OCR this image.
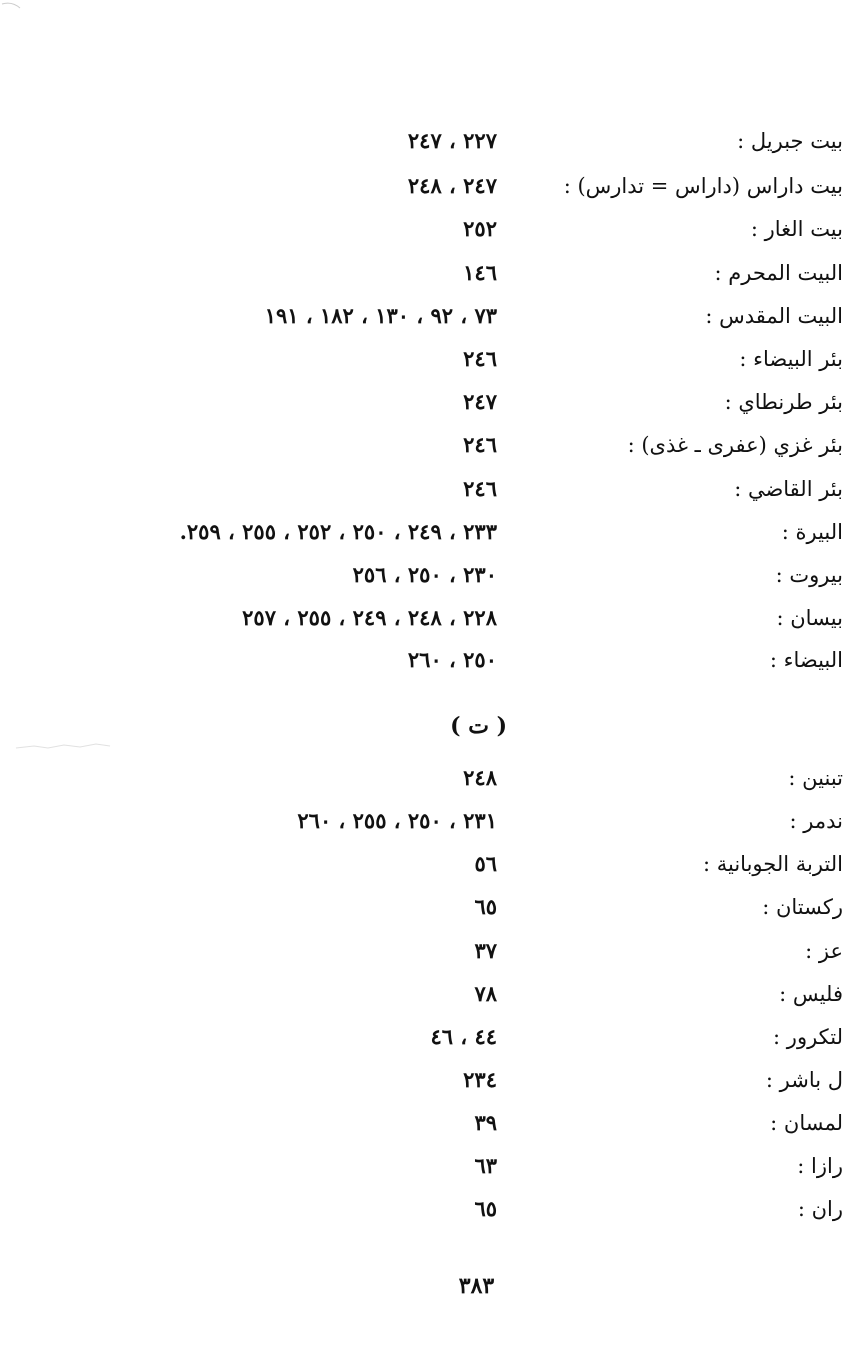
بيت جبريل :
٢٢٧ ، ٢٤٧
بيت داراس (داراس = تدارس) :
٢٤٧ ، ٢٤٨
بيت الغار :
٢٥٢
البيت المحرم :
١٤٦
البيت المقدس :
٧٣ ، ٩٢ ، ١٣٠ ، ١٨٢ ، ١٩١
بئر البيضاء :
٢٤٦
بئر طرنطاي :
٢٤٧
بئر غزي (عفرى ـ غذى) :
٢٤٦
بئر القاضي :
٢٤٦
البيرة :
٢٣٣ ، ٢٤٩ ، ٢٥٠ ، ٢٥٢ ، ٢٥٥ ، ٢٥٩.
بيروت :
٢٣٠ ، ٢٥٠ ، ٢٥٦
بيسان :
٢٢٨ ، ٢٤٨ ، ٢٤٩ ، ٢٥٥ ، ٢٥٧
البيضاء :
٢٥٠ ، ٢٦٠
( ت )
تبنين :
٢٤٨
ندمر :
٢٣١ ، ٢٥٠ ، ٢٥٥ ، ٢٦٠
التربة الجوبانية :
٥٦
ركستان :
٦٥
عز :
٣٧
فليس :
٧٨
لتكرور :
٤٤ ، ٤٦
ل باشر :
٢٣٤
لمسان :
٣٩
رازا :
٦٣
ران :
٦٥
٣٨٣
